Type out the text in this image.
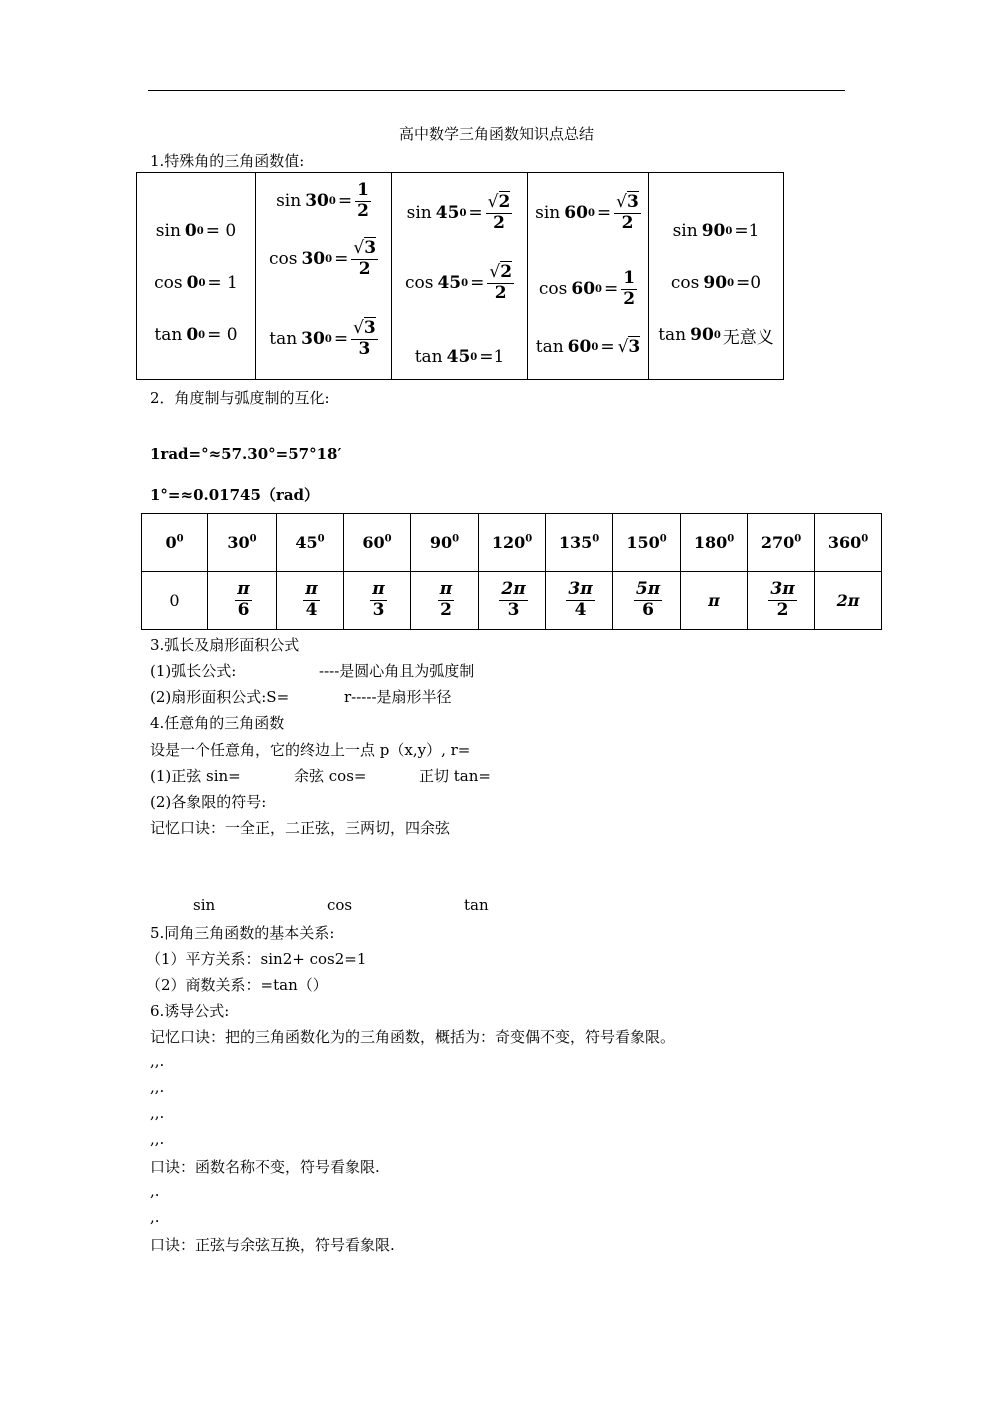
高中数学三角函数知识点总结
1.特殊角的三角函数值:
sin 0 0 = 0
cos 0 0 = 1
tan 0 0 = 0

sin 30 $0 = \frac{1}{2}$
cos 30 $0 = \frac{√3}{2}$
tan 30 $0 = \frac{√3}{3}$

sin 45 $0 = \frac{√2}{2}$
cos 45 $0 = \frac{√2}{2}$
tan 45 0 =1

sin 60 $0 = \frac{√3}{2}$
cos 60 $0 = \frac{1}{2}$
tan 60 0 = √3

sin 90 0 =1
cos 90 0 =0
tan 90 0 无意义
2．角度制与弧度制的互化:
1rad=°≈57.30°=57°18′
1°=≈0.01745（rad）
$0^0$	$30^0$	$45^0$	$60^0$	$90^0$	$120^0$	$135^0$	$150^0$	$180^0$	$270^0$	$360^0$
0	$\frac{\pi}{6}$	$\frac{\pi}{4}$	$\frac{\pi}{3}$	$\frac{\pi}{2}$	$\frac{2\pi}{3}$	$\frac{3\pi}{4}$	$\frac{5\pi}{6}$	π	$\frac{3\pi}{2}$	2π
3.弧长及扇形面积公式
(1)弧长公式:	----是圆心角且为弧度制
(2)扇形面积公式:S=	r-----是扇形半径
4.任意角的三角函数
设是一个任意角，它的终边上一点 p（x,y）, r=
(1)正弦 sin=	余弦 cos=	正切 tan=
(2)各象限的符号:
记忆口诀：一全正，二正弦，三两切，四余弦
sin	cos	tan
5.同角三角函数的基本关系:
（1）平方关系：sin2+ cos2=1
（2）商数关系：=tan（）
6.诱导公式:
记忆口诀：把的三角函数化为的三角函数，概括为：奇变偶不变，符号看象限。
,,.
,,.
,,.
,,.
口诀：函数名称不变，符号看象限.
,.
,.
口诀：正弦与余弦互换，符号看象限.
